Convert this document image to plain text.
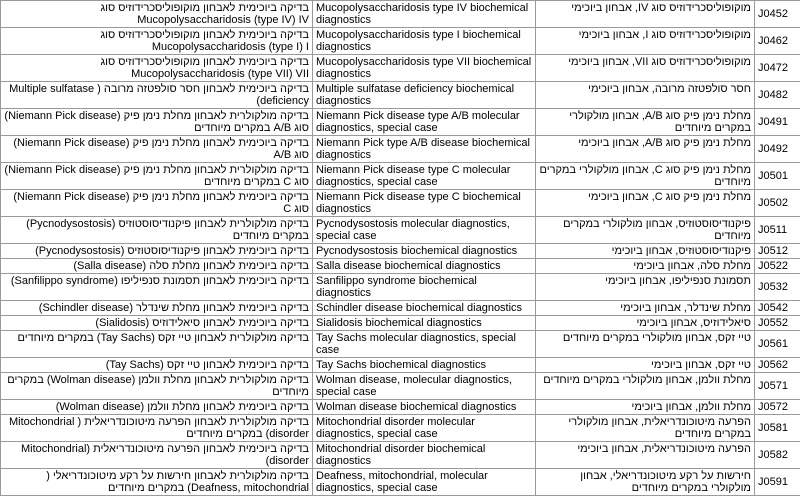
בדיקה ביוכימית לאבחון מוקופוליסכרידוזיס סוג Mucopolysaccharidosis (type IV) IV	Mucopolysaccharidosis type IV biochemical diagnostics	מוקופוליסכרידוזיס סוג IV, אבחון ביוכימי	J0452
בדיקה ביוכימית לאבחון מוקופוליסכרידוזיס סוג Mucopolysaccharidosis (type I) I	Mucopolysaccharidosis type I biochemical diagnostics	מוקופוליסכרידוזיס סוג I, אבחון ביוכימי	J0462
בדיקה ביוכימית לאבחון מוקופוליסכרידוזיס סוג Mucopolysaccharidosis (type VII) VII	Mucopolysaccharidosis type VII biochemical diagnostics	מוקופוליסכרידוזיס סוג VII, אבחון ביוכימי	J0472
בדיקה ביוכימית לאבחון חסר סולפטזה מרובה ( Multiple sulfatase (deficiency	Multiple sulfatase deficiency biochemical diagnostics	חסר סולפטזה מרובה, אבחון ביוכימי	J0482
בדיקה מולקולרית לאבחון מחלת נימן פיק (Niemann Pick disease) סוג A/B במקרים מיוחדים	Niemann Pick disease type A/B molecular diagnostics, special case	מחלת נימן פיק סוג A/B, אבחון מולקולרי במקרים מיוחדים	J0491
בדיקה ביוכימית לאבחון מחלת נימן פיק (Niemann Pick disease) סוג A/B	Niemann Pick type A/B disease biochemical diagnostics	מחלת נימן פיק סוג A/B, אבחון ביוכימי	J0492
בדיקה מולקולרית לאבחון מחלת נימן פיק (Niemann Pick disease) סוג C במקרים מיוחדים	Niemann Pick disease type C molecular diagnostics, special case	מחלת נימן פיק סוג C, אבחון מולקולרי במקרים מיוחדים	J0501
בדיקה ביוכימית לאבחון מחלת נימן פיק (Niemann Pick disease) סוג C	Niemann Pick disease type C biochemical diagnostics	מחלת נימן פיק סוג C, אבחון ביוכימי	J0502
בדיקה מולקולרית לאבחון פיקנודיסוסטוזיס (Pycnodysostosis) במקרים מיוחדים	Pycnodysostosis molecular diagnostics, special case	פיקנודיסוסטוזיס, אבחון מולקולרי במקרים מיוחדים	J0511
בדיקה ביוכימית לאבחון פיקנודיסוסטוזיס (Pycnodysostosis)	Pycnodysostosis biochemical diagnostics	פיקנודיסוסטוזיס, אבחון ביוכימי	J0512
בדיקה ביוכימית לאבחון מחלת סלה (Salla disease)	Salla disease biochemical diagnostics	מחלת סלה, אבחון ביוכימי	J0522
בדיקה ביוכימית לאבחון תסמונת סנפיליפו (Sanfilippo syndrome)	Sanfilippo syndrome biochemical diagnostics	תסמונת סנפיליפו, אבחון ביוכימי	J0532
בדיקה ביוכימית לאבחון מחלת שינדלר (Schindler disease)	Schindler disease biochemical diagnostics	מחלת שינדלר, אבחון ביוכימי	J0542
בדיקה ביוכימית לאבחון סיאלידוזיס (Sialidosis)	Sialidosis biochemical diagnostics	סיאלידוזיס, אבחון ביוכימי	J0552
בדיקה מולקולרית לאבחון טיי זקס (Tay Sachs) במקרים מיוחדים	Tay Sachs molecular diagnostics, special case	טיי זקס, אבחון מולקולרי במקרים מיוחדים	J0561
בדיקה ביוכימית לאבחון טיי זקס (Tay Sachs)	Tay Sachs biochemical diagnostics	טיי זקס, אבחון ביוכימי	J0562
בדיקה מולקולרית לאבחון מחלת וולמן (Wolman disease) במקרים מיוחדים	Wolman disease, molecular diagnostics, special case	מחלת וולמן, אבחון מולקולרי במקרים מיוחדים	J0571
בדיקה ביוכימית לאבחון מחלת וולמן (Wolman disease)	Wolman disease biochemical diagnostics	מחלת וולמן, אבחון ביוכימי	J0572
בדיקה מולקולרית לאבחון הפרעה מיטוכונדריאלית ( Mitochondrial disorder) במקרים מיוחדים	Mitochondrial disorder molecular diagnostics, special case	הפרעה מיטוכונדריאלית, אבחון מולקולרי במקרים מיוחדים	J0581
בדיקה ביוכימית לאבחון הפרעה מיטוכונדריאלית (Mitochondrial disorder)	Mitochondrial disorder biochemical diagnostics	הפרעה מיטוכונדריאלית, אבחון ביוכימי	J0582
בדיקה מולקולרית לאבחון חירשות על רקע מיטוכונדריאלי ( Deafness, mitochondrial) במקרים מיוחדים	Deafness, mitochondrial, molecular diagnostics, special case	חירשות על רקע מיטוכונדריאלי, אבחון מולקולרי במקרים מיוחדים	J0591
